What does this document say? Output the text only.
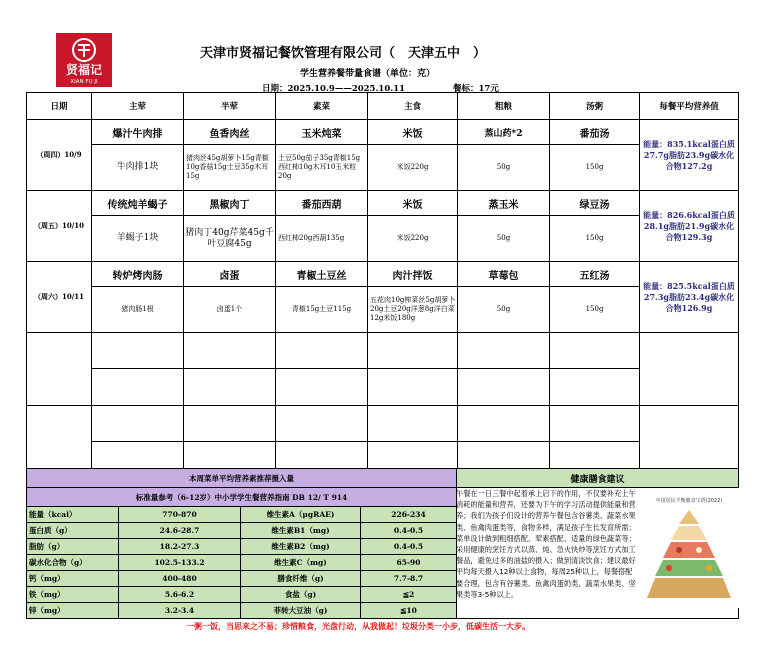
贤福记
XIAN FU JI
天津市贤福记餐饮管理有限公司（　天津五中　）
学生营养餐带量食谱（单位：克）
日期：2025.10.9——2025.10.11	餐标：17元
日期	主荤	半荤	素菜	主食	粗粮	汤粥	每餐平均营养值
（周四）10/9	爆汁牛肉排	鱼香肉丝	玉米炖菜	米饭	蒸山药*2	番茄汤	能量：835.1kcal蛋白质27.7g脂肪23.9g碳水化合物127.2g
	牛肉排1块	猪肉丝45g胡萝卜15g青椒10g香菇15g土豆35g木耳15g	土豆50g茄子35g青椒15g西红柿10g木耳10玉米粒20g	米饭220g	50g	150g	
（周五）10/10	传统炖羊蝎子	黑椒肉丁	番茄西葫	米饭	蒸玉米	绿豆汤	能量：826.6kcal蛋白质28.1g脂肪21.9g碳水化合物129.3g
	羊蝎子1块	猪肉丁40g芹菜45g千叶豆腐45g	西红柿20g西葫135g	米饭220g	50g	150g	
（周六）10/11	转炉烤肉肠	卤蛋	青椒土豆丝	肉汁拌饭	草莓包	五红汤	能量：825.5kcal蛋白质27.3g脂肪23.4g碳水化合物126.9g
	猪肉肠1根	卤蛋1个	青椒15g土豆115g	五花肉10g榨菜丝5g胡萝卜20g土豆20g洋葱8g洋白菜12g米饭180g	50g	150g	

本周菜单平均营养素推荐摄入量				健康膳食建议
标准量参考（6-12岁）中小学学生餐营养指南 DB 12/ T 914				
能量（kcal）	770-870	维生素A（μgRAE)	226-234	
蛋白质（g）	24.6-28.7	维生素B1（mg)	0.4-0.5	
脂肪（g）	18.2-27.3	维生素B2（mg)	0.4-0.5	
碳水化合物（g）	102.5-133.2	维生素C（mg)	65-90	
钙（mg）	400-480	膳食纤维（g)	7.7-8.7	
铁（mg）	5.6-6.2	食盐（g)	≦2	
锌（mg）	3.2-3.4	菲转大豆油（g)	≦10	
午餐在一日三餐中起着承上启下的作用，不仅要补充上午消耗的能量和营养，还要为下午的学习活动提供能量和营养；我们为孩子们设计的营养午餐包含谷薯类、蔬菜水果类、鱼禽肉蛋类等，食物多样，满足孩子生长发育所需；菜单设计做到粗细搭配、荤素搭配、适量的绿色蔬菜等；采用健康的烹饪方式以蒸、炖、急火快炒等烹饪方式加工餐品，避免过多的油盐的摄入；做到清淡饮食；建议最好平均每天摄入12种以上食物，每周25种以上，每餐搭配要合理，包含有谷薯类、鱼禽肉蛋奶类、蔬菜水果类、坚果类等3-5种以上。
中国居民平衡膳食宝塔(2022)
一粥一饭，当思来之不易；珍惜粮食，光盘行动，从我做起！垃圾分类一小步，低碳生活一大步。
